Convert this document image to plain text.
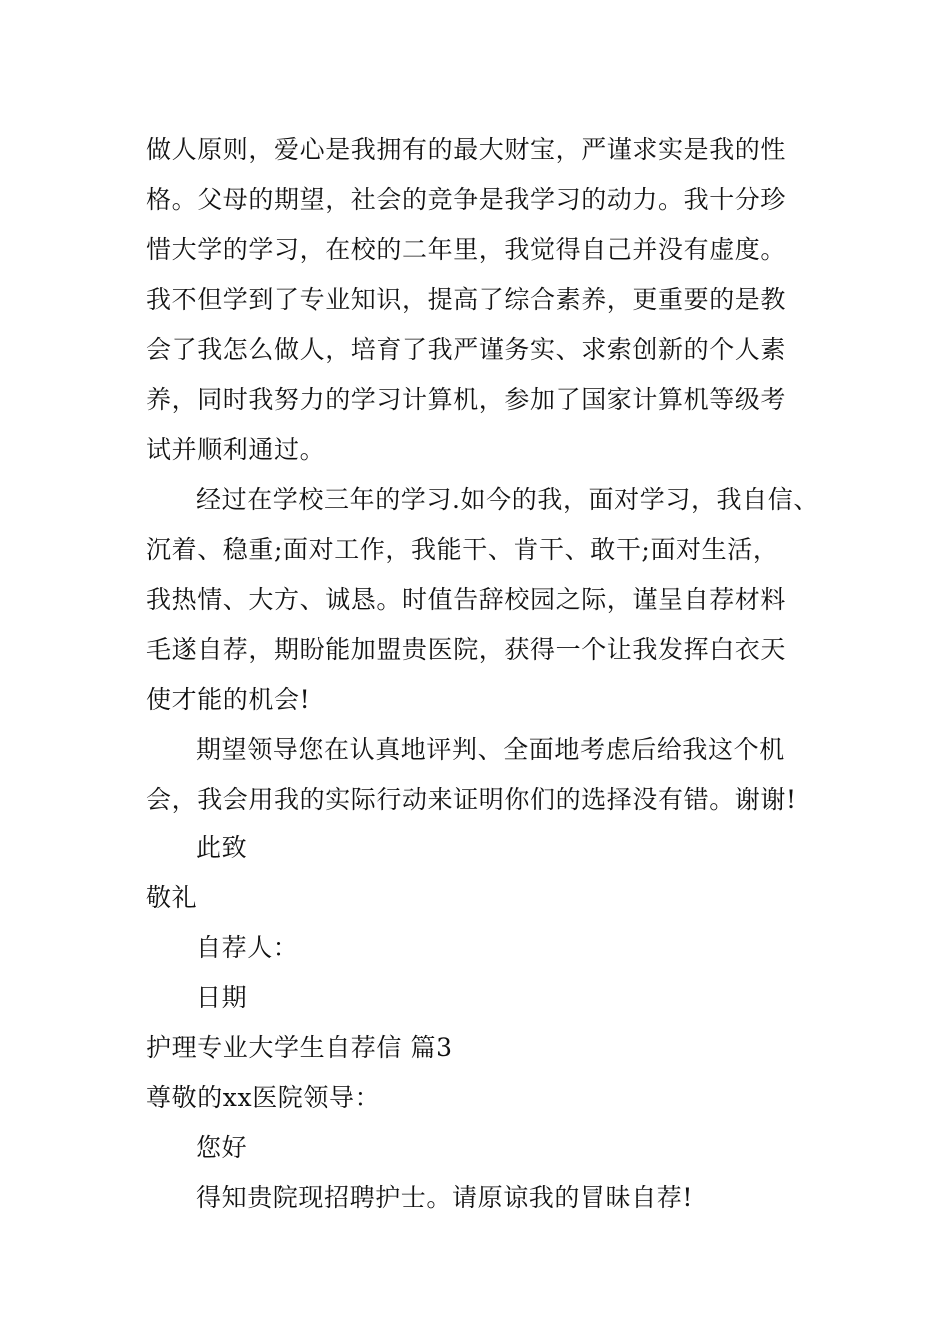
做人原则，爱心是我拥有的最大财宝，严谨求实是我的性
格。父母的期望，社会的竞争是我学习的动力。我十分珍
惜大学的学习，在校的二年里，我觉得自己并没有虚度。
我不但学到了专业知识，提高了综合素养，更重要的是教
会了我怎么做人，培育了我严谨务实、求索创新的个人素
养，同时我努力的学习计算机，参加了国家计算机等级考
试并顺利通过。
经过在学校三年的学习.如今的我，面对学习，我自信、
沉着、稳重;面对工作，我能干、肯干、敢干;面对生活，
我热情、大方、诚恳。时值告辞校园之际，谨呈自荐材料
毛遂自荐，期盼能加盟贵医院，获得一个让我发挥白衣天
使才能的机会!
期望领导您在认真地评判、全面地考虑后给我这个机
会，我会用我的实际行动来证明你们的选择没有错。谢谢!
此致
敬礼
自荐人：
日期
护理专业大学生自荐信 篇3
尊敬的xx医院领导：
您好
得知贵院现招聘护士。请原谅我的冒昧自荐!
